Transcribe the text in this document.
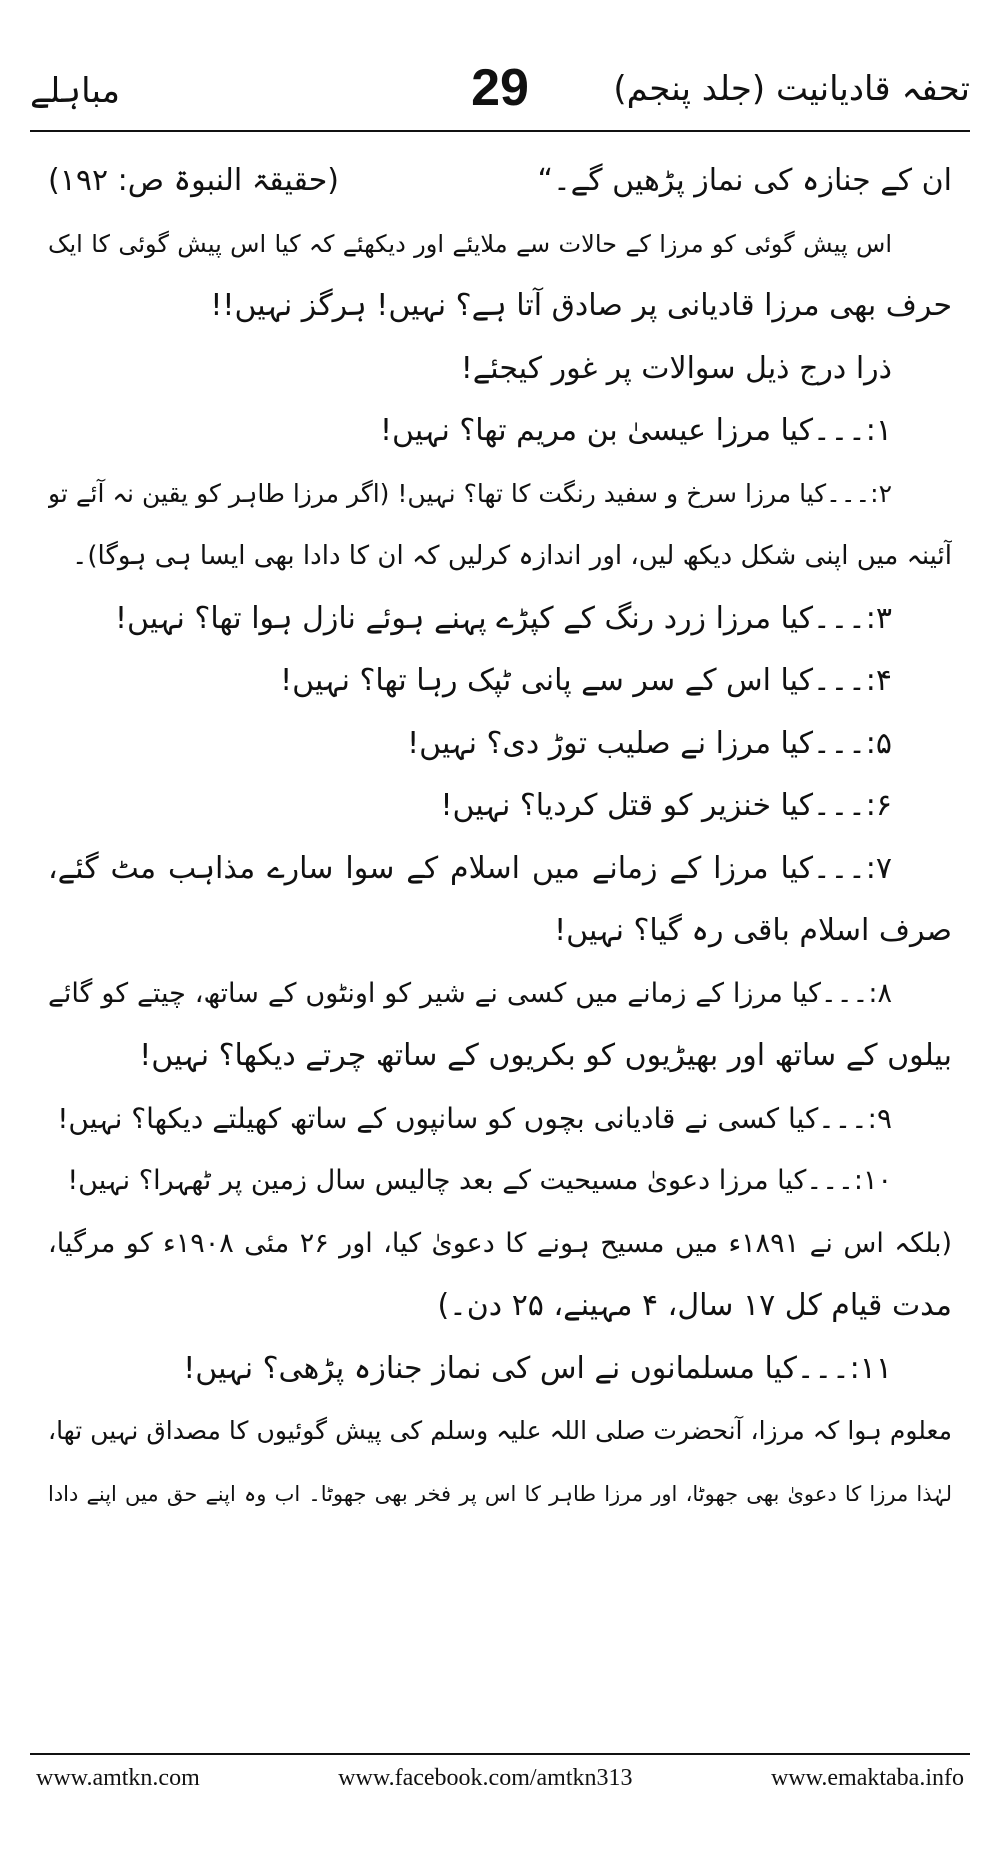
تحفہ قادیانیت (جلد پنجم)
29
مباہلے
ان کے جنازہ کی نماز پڑھیں گے۔“
(حقیقۃ النبوۃ ص: ۱۹۲)
اس پیش گوئی کو مرزا کے حالات سے ملایئے اور دیکھئے کہ کیا اس پیش گوئی کا ایک
حرف بھی مرزا قادیانی پر صادق آتا ہے؟ نہیں! ہرگز نہیں!!
ذرا درج ذیل سوالات پر غور کیجئے!
۱:۔۔۔کیا مرزا عیسیٰ بن مریم تھا؟ نہیں!
۲:۔۔۔کیا مرزا سرخ و سفید رنگت کا تھا؟ نہیں! (اگر مرزا طاہر کو یقین نہ آئے تو
آئینہ میں اپنی شکل دیکھ لیں، اور اندازہ کرلیں کہ ان کا دادا بھی ایسا ہی ہوگا)۔
۳:۔۔۔کیا مرزا زرد رنگ کے کپڑے پہنے ہوئے نازل ہوا تھا؟ نہیں!
۴:۔۔۔کیا اس کے سر سے پانی ٹپک رہا تھا؟ نہیں!
۵:۔۔۔کیا مرزا نے صلیب توڑ دی؟ نہیں!
۶:۔۔۔کیا خنزیر کو قتل کردیا؟ نہیں!
۷:۔۔۔کیا مرزا کے زمانے میں اسلام کے سوا سارے مذاہب مٹ گئے،
صرف اسلام باقی رہ گیا؟ نہیں!
۸:۔۔۔کیا مرزا کے زمانے میں کسی نے شیر کو اونٹوں کے ساتھ، چیتے کو گائے
بیلوں کے ساتھ اور بھیڑیوں کو بکریوں کے ساتھ چرتے دیکھا؟ نہیں!
۹:۔۔۔کیا کسی نے قادیانی بچوں کو سانپوں کے ساتھ کھیلتے دیکھا؟ نہیں!
۱۰:۔۔۔کیا مرزا دعویٰ مسیحیت کے بعد چالیس سال زمین پر ٹھہرا؟ نہیں!
(بلکہ اس نے ۱۸۹۱ء میں مسیح ہونے کا دعویٰ کیا، اور ۲۶ مئی ۱۹۰۸ء کو مرگیا،
مدت قیام کل ۱۷ سال، ۴ مہینے، ۲۵ دن۔)
۱۱:۔۔۔کیا مسلمانوں نے اس کی نماز جنازہ پڑھی؟ نہیں!
معلوم ہوا کہ مرزا، آنحضرت صلی اللہ علیہ وسلم کی پیش گوئیوں کا مصداق نہیں تھا،
لہٰذا مرزا کا دعویٰ بھی جھوٹا، اور مرزا طاہر کا اس پر فخر بھی جھوٹا۔ اب وہ اپنے حق میں اپنے دادا
www.amtkn.com	www.facebook.com/amtkn313	www.emaktaba.info
